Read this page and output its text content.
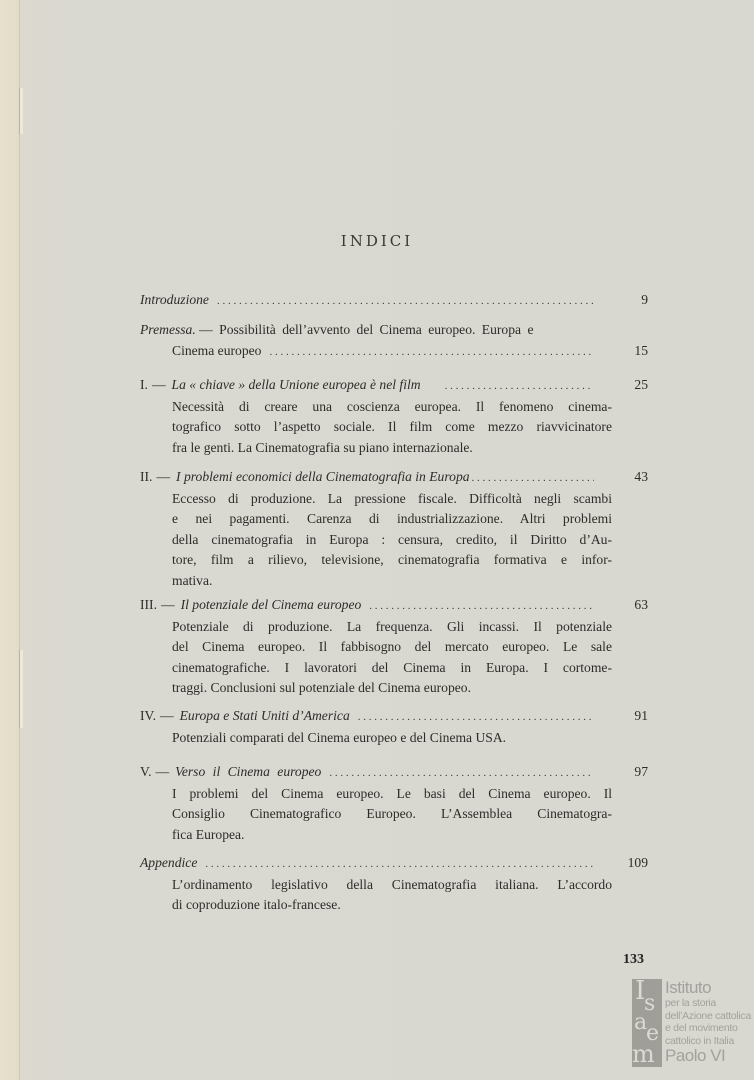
INDICI
Introduzione . . .	9
Premessa.
— Possibilità dell’avvento del Cinema europeo. Europa e
Cinema europeo . . .	15
I. — La « chiave » della Unione europea è nel film . . .	25
Necessità di creare una coscienza europea. Il fenomeno cinema-
tografico sotto l’aspetto sociale. Il film come mezzo riavvicinatore
fra le genti. La Cinematografia su piano internazionale.
II. — I problemi economici della Cinematografia in Europa . . .	43
Eccesso di produzione. La pressione fiscale. Difficoltà negli scambi
e nei pagamenti. Carenza di industrializzazione. Altri problemi
della cinematografia in Europa : censura, credito, il Diritto d’Au-
tore, film a rilievo, televisione, cinematografia formativa e infor-
mativa.
III. — Il potenziale del Cinema europeo . . .	63
Potenziale di produzione. La frequenza. Gli incassi. Il potenziale
del Cinema europeo. Il fabbisogno del mercato europeo. Le sale
cinematografiche. I lavoratori del Cinema in Europa. I cortome-
traggi. Conclusioni sul potenziale del Cinema europeo.
IV. — Europa e Stati Uniti d’America . . .	91
Potenziali comparati del Cinema europeo e del Cinema USA.
V. — Verso il Cinema europeo . . .	97
I problemi del Cinema europeo. Le basi del Cinema europeo. Il
Consiglio Cinematografico Europeo. L’Assemblea Cinematogra-
fica Europea.
Appendice . . .	109
L’ordinamento legislativo della Cinematografia italiana. L’accordo
di coproduzione italo-francese.
133
I
s
a
e
m
Istituto
per la storia
dell’Azione cattolica
e del movimento
cattolico in Italia
Paolo VI
